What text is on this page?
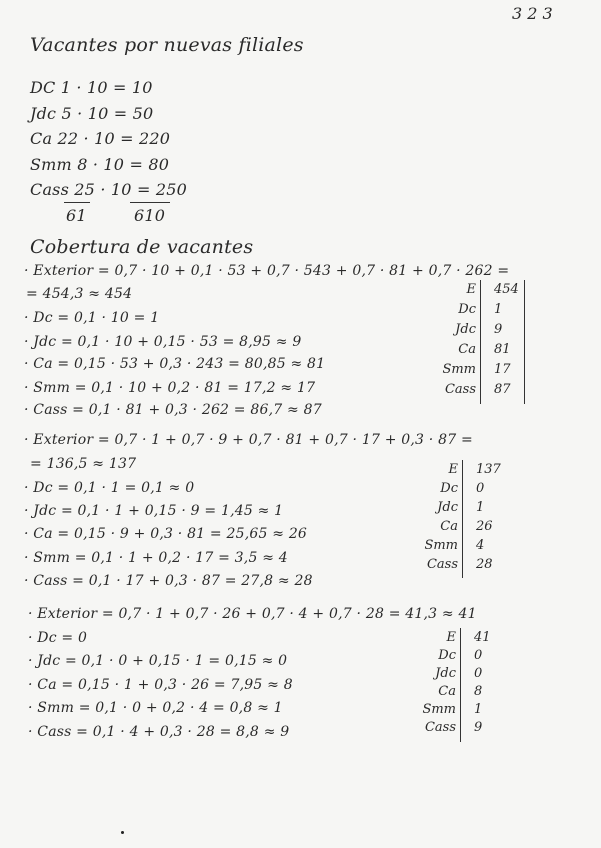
3 2 3
Vacantes por nuevas filiales
DC 1 · 10 = 10
Jdc 5 · 10 = 50
Ca 22 · 10 = 220
Smm 8 · 10 = 80
Cass 25 · 10 = 250
61	610
Cobertura de vacantes
· Exterior = 0,7 · 10 + 0,1 · 53 + 0,7 · 543 + 0,7 · 81 + 0,7 · 262 =
= 454,3 ≈ 454
· Dc = 0,1 · 10 = 1
· Jdc = 0,1 · 10 + 0,15 · 53 = 8,95 ≈ 9
· Ca = 0,15 · 53 + 0,3 · 243 = 80,85 ≈ 81
· Smm = 0,1 · 10 + 0,2 · 81 = 17,2 ≈ 17
· Cass = 0,1 · 81 + 0,3 · 262 = 86,7 ≈ 87
E 454
Dc 1
Jdc 9
Ca 81
Smm 17
Cass 87
· Exterior = 0,7 · 1 + 0,7 · 9 + 0,7 · 81 + 0,7 · 17 + 0,3 · 87 =
= 136,5 ≈ 137
· Dc = 0,1 · 1 = 0,1 ≈ 0
· Jdc = 0,1 · 1 + 0,15 · 9 = 1,45 ≈ 1
· Ca = 0,15 · 9 + 0,3 · 81 = 25,65 ≈ 26
· Smm = 0,1 · 1 + 0,2 · 17 = 3,5 ≈ 4
· Cass = 0,1 · 17 + 0,3 · 87 = 27,8 ≈ 28
E 137
Dc 0
Jdc 1
Ca 26
Smm 4
Cass 28
· Exterior = 0,7 · 1 + 0,7 · 26 + 0,7 · 4 + 0,7 · 28 = 41,3 ≈ 41
· Dc = 0
· Jdc = 0,1 · 0 + 0,15 · 1 = 0,15 ≈ 0
· Ca = 0,15 · 1 + 0,3 · 26 = 7,95 ≈ 8
· Smm = 0,1 · 0 + 0,2 · 4 = 0,8 ≈ 1
· Cass = 0,1 · 4 + 0,3 · 28 = 8,8 ≈ 9
E 41
Dc 0
Jdc 0
Ca 8
Smm 1
Cass 9
